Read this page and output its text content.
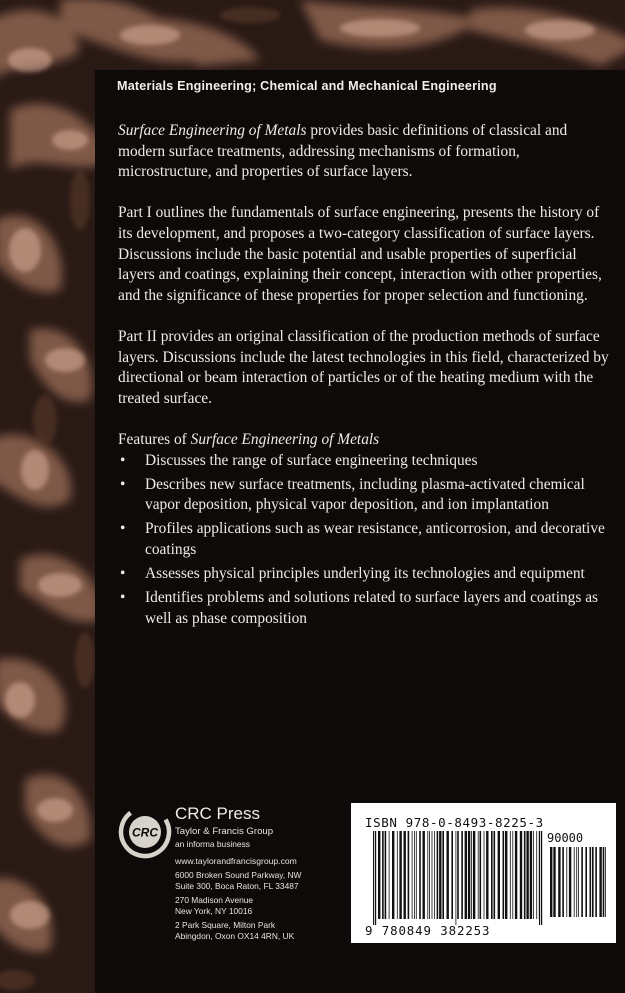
Materials Engineering; Chemical and Mechanical Engineering

Surface Engineering of Metals provides basic definitions of classical and modern surface treatments, addressing mechanisms of formation, microstructure, and properties of surface layers.

Part I outlines the fundamentals of surface engineering, presents the history of its development, and proposes a two-category classification of surface layers. Discussions include the basic potential and usable properties of superficial layers and coatings, explaining their concept, interaction with other properties, and the significance of these properties for proper selection and functioning.

Part II provides an original classification of the production methods of surface layers. Discussions include the latest technologies in this field, characterized by directional or beam interaction of particles or of the heating medium with the treated surface.

Features of Surface Engineering of Metals
• Discusses the range of surface engineering techniques
• Describes new surface treatments, including plasma-activated chemical vapor deposition, physical vapor deposition, and ion implantation
• Profiles applications such as wear resistance, anticorrosion, and decorative coatings
• Assesses physical principles underlying its technologies and equipment
• Identifies problems and solutions related to surface layers and coatings as well as phase composition
CRC
CRC Press
Taylor & Francis Group
an informa business
www.taylorandfrancisgroup.com
6000 Broken Sound Parkway, NW
Suite 300, Boca Raton, FL 33487
270 Madison Avenue
New York, NY 10016
2 Park Square, Milton Park
Abingdon, Oxon OX14 4RN, UK
ISBN 978-0-8493-8225-3
90000
9 780849 382253
